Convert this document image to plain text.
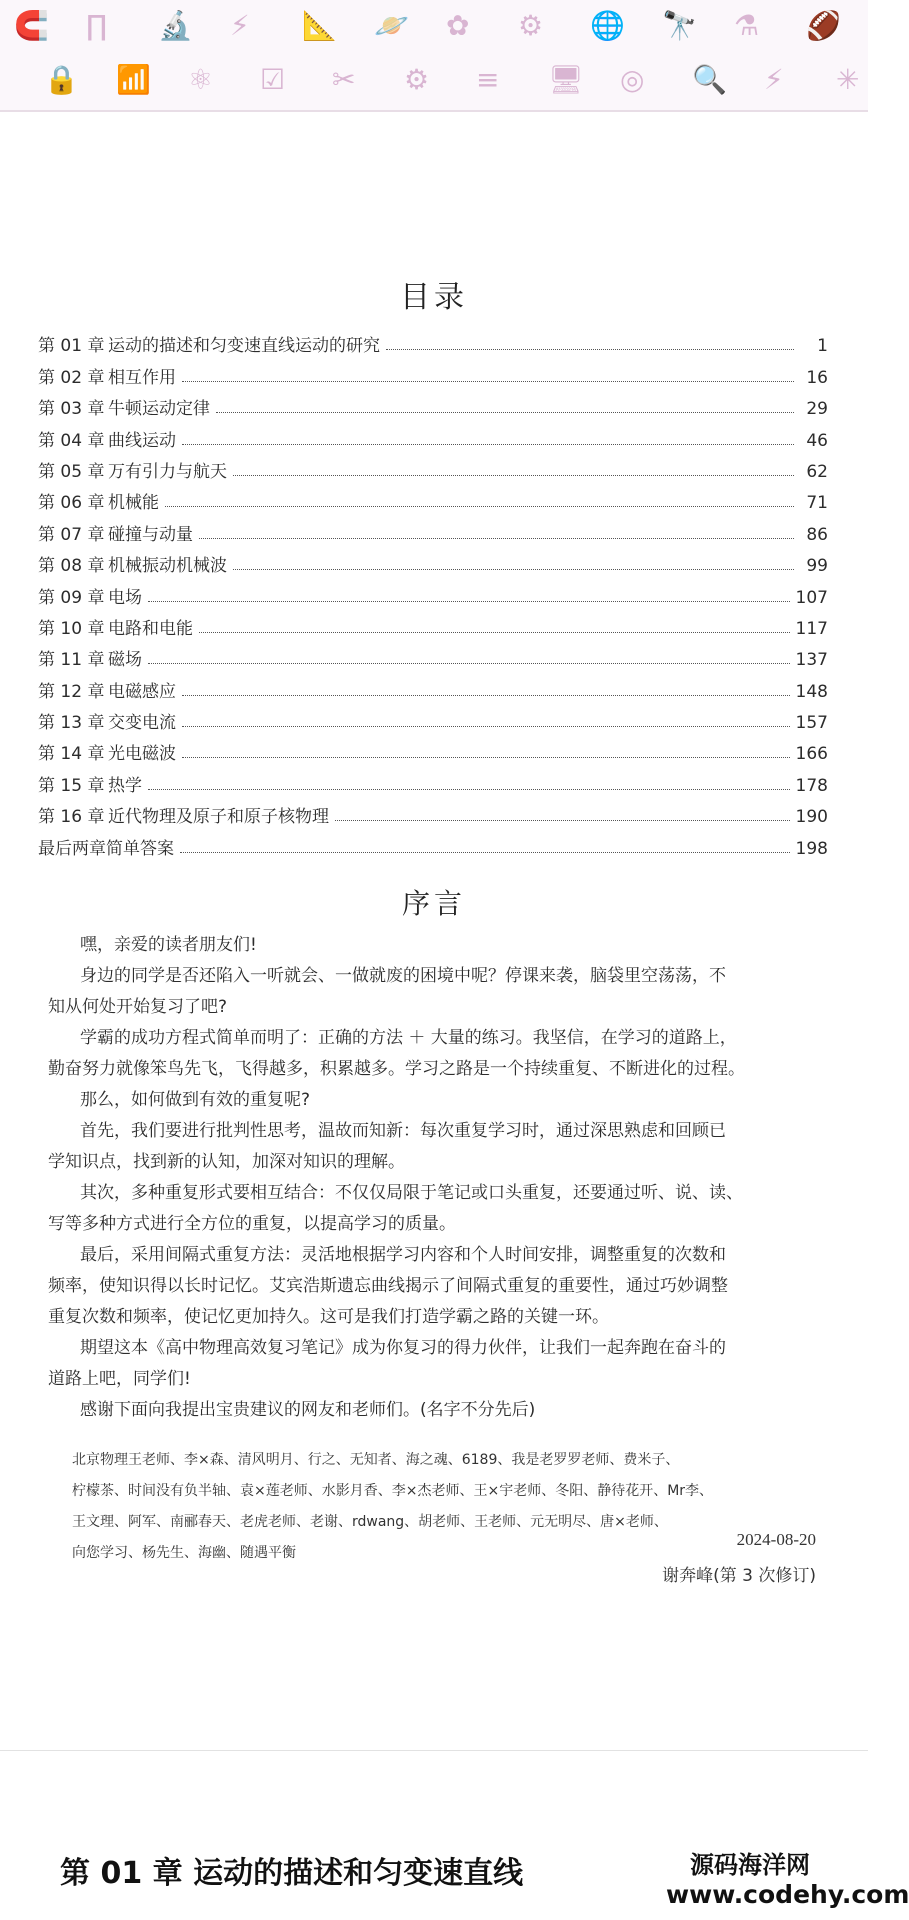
🧲 ∏ 🔬 ⚡ 📐 🪐 ✿ ⚙ 🌐 🔭 ⚗ 🏈
🔒 📶 ⚛ ☑ ✂ ⚙ ≡ 🖥 ◎ 🔍 ⚡ ✳
目录
第 01 章 运动的描述和匀变速直线运动的研究	1
第 02 章 相互作用	16
第 03 章 牛顿运动定律	29
第 04 章 曲线运动	46
第 05 章 万有引力与航天	62
第 06 章 机械能	71
第 07 章 碰撞与动量	86
第 08 章 机械振动机械波	99
第 09 章 电场	107
第 10 章 电路和电能	117
第 11 章 磁场	137
第 12 章 电磁感应	148
第 13 章 交变电流	157
第 14 章 光电磁波	166
第 15 章 热学	178
第 16 章 近代物理及原子和原子核物理	190
最后两章简单答案	198
序言
嘿，亲爱的读者朋友们!
身边的同学是否还陷入一听就会、一做就废的困境中呢？停课来袭，脑袋里空荡荡，不
知从何处开始复习了吧?
学霸的成功方程式简单而明了：正确的方法 ＋ 大量的练习。我坚信，在学习的道路上，
勤奋努力就像笨鸟先飞，飞得越多，积累越多。学习之路是一个持续重复、不断进化的过程。
那么，如何做到有效的重复呢?
首先，我们要进行批判性思考，温故而知新：每次重复学习时，通过深思熟虑和回顾已
学知识点，找到新的认知，加深对知识的理解。
其次，多种重复形式要相互结合：不仅仅局限于笔记或口头重复，还要通过听、说、读、
写等多种方式进行全方位的重复，以提高学习的质量。
最后，采用间隔式重复方法：灵活地根据学习内容和个人时间安排，调整重复的次数和
频率，使知识得以长时记忆。艾宾浩斯遗忘曲线揭示了间隔式重复的重要性，通过巧妙调整
重复次数和频率，使记忆更加持久。这可是我们打造学霸之路的关键一环。
期望这本《高中物理高效复习笔记》成为你复习的得力伙伴，让我们一起奔跑在奋斗的
道路上吧，同学们!
感谢下面向我提出宝贵建议的网友和老师们。(名字不分先后)
北京物理王老师、李×森、清风明月、行之、无知者、海之魂、6189、我是老罗罗老师、费米子、
柠檬茶、时间没有负半轴、袁×莲老师、水影月香、李×杰老师、王×宇老师、冬阳、静待花开、Mr李、
王文理、阿军、南郦春天、老虎老师、老谢、rdwang、胡老师、王老师、元无明尽、唐×老师、
向您学习、杨先生、海幽、随遇平衡
2024-08-20
谢奔峰(第 3 次修订)
第 01 章 运动的描述和匀变速直线	源码海洋网
www.codehy.com
